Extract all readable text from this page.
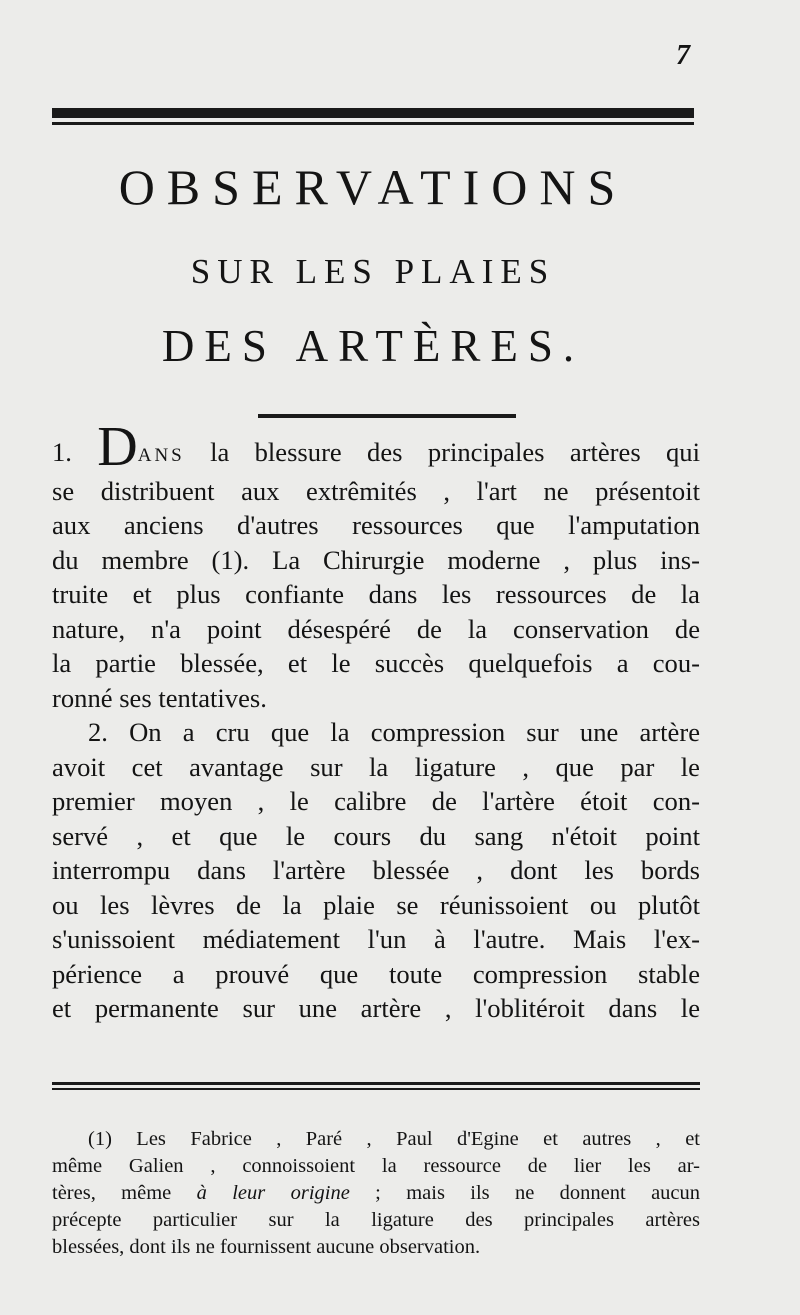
7
OBSERVATIONS
SUR LES PLAIES
DES ARTÈRES.
1. DANS la blessure des principales artères qui
se distribuent aux extrêmités , l'art ne présentoit
aux anciens d'autres ressources que l'amputation
du membre (1). La Chirurgie moderne , plus ins-
truite et plus confiante dans les ressources de la
nature, n'a point désespéré de la conservation de
la partie blessée, et le succès quelquefois a cou-
ronné ses tentatives.
2. On a cru que la compression sur une artère
avoit cet avantage sur la ligature , que par le
premier moyen , le calibre de l'artère étoit con-
servé , et que le cours du sang n'étoit point
interrompu dans l'artère blessée , dont les bords
ou les lèvres de la plaie se réunissoient ou plutôt
s'unissoient médiatement l'un à l'autre. Mais l'ex-
périence a prouvé que toute compression stable
et permanente sur une artère , l'oblitéroit dans le
(1) Les Fabrice , Paré , Paul d'Egine et autres , et
même Galien , connoissoient la ressource de lier les ar-
tères, même à leur origine ; mais ils ne donnent aucun
précepte particulier sur la ligature des principales artères
blessées, dont ils ne fournissent aucune observation.
